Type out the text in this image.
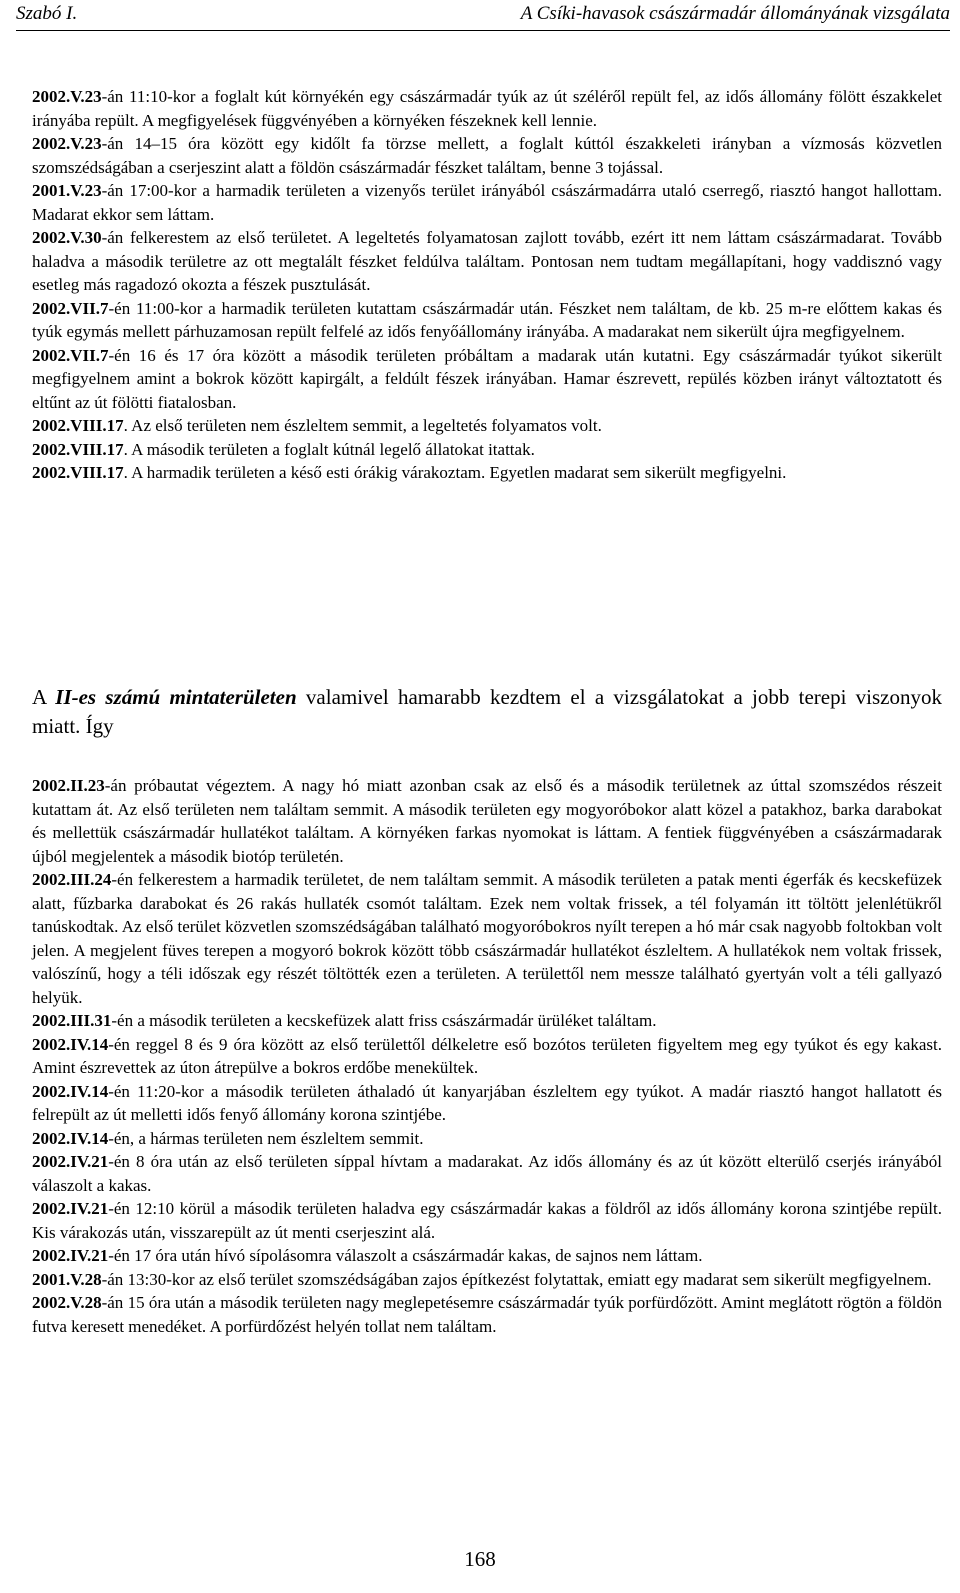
Szabó I.	A Csíki-havasok császármadár állományának vizsgálata

2002.V.23-án 11:10-kor a foglalt kút környékén egy császármadár tyúk az út széléről repült fel, az idős állomány fölött északkelet irányába repült. A megfigyelések függvényében a környéken fészeknek kell lennie.

2002.V.23-án 14–15 óra között egy kidőlt fa törzse mellett, a foglalt kúttól északkeleti irányban a vízmosás közvetlen szomszédságában a cserjeszint alatt a földön császármadár fészket találtam, benne 3 tojással.

2001.V.23-án 17:00-kor a harmadik területen a vizenyős terület irányából császármadárra utaló cserregő, riasztó hangot hallottam. Madarat ekkor sem láttam.

2002.V.30-án felkerestem az első területet. A legeltetés folyamatosan zajlott tovább, ezért itt nem láttam császármadarat. Tovább haladva a második területre az ott megtalált fészket feldúlva találtam. Pontosan nem tudtam megállapítani, hogy vaddisznó vagy esetleg más ragadozó okozta a fészek pusztulását.

2002.VII.7-én 11:00-kor a harmadik területen kutattam császármadár után. Fészket nem találtam, de kb. 25 m-re előttem kakas és tyúk egymás mellett párhuzamosan repült felfelé az idős fenyőállomány irányába. A madarakat nem sikerült újra megfigyelnem.

2002.VII.7-én 16 és 17 óra között a második területen próbáltam a madarak után kutatni. Egy császármadár tyúkot sikerült megfigyelnem amint a bokrok között kapirgált, a feldúlt fészek irányában. Hamar észrevett, repülés közben irányt változtatott és eltűnt az út fölötti fiatalosban.

2002.VIII.17. Az első területen nem észleltem semmit, a legeltetés folyamatos volt.

2002.VIII.17. A második területen a foglalt kútnál legelő állatokat itattak.

2002.VIII.17. A harmadik területen a késő esti órákig várakoztam. Egyetlen madarat sem sikerült megfigyelni.

A II-es számú mintaterületen valamivel hamarabb kezdtem el a vizsgálatokat a jobb terepi viszonyok miatt. Így

2002.II.23-án próbautat végeztem. A nagy hó miatt azonban csak az első és a második területnek az úttal szomszédos részeit kutattam át. Az első területen nem találtam semmit. A második területen egy mogyoróbokor alatt közel a patakhoz, barka darabokat és mellettük császármadár hullatékot találtam. A környéken farkas nyomokat is láttam. A fentiek függvényében a császármadarak újból megjelentek a második biotóp területén.

2002.III.24-én felkerestem a harmadik területet, de nem találtam semmit. A második területen a patak menti égerfák és kecskefüzek alatt, fűzbarka darabokat és 26 rakás hullaték csomót találtam. Ezek nem voltak frissek, a tél folyamán itt töltött jelenlétükről tanúskodtak. Az első terület közvetlen szomszédságában található mogyoróbokros nyílt terepen a hó már csak nagyobb foltokban volt jelen. A megjelent füves terepen a mogyoró bokrok között több császármadár hullatékot észleltem. A hullatékok nem voltak frissek, valószínű, hogy a téli időszak egy részét töltötték ezen a területen. A területtől nem messze található gyertyán volt a téli gallyazó helyük.

2002.III.31-én a második területen a kecskefüzek alatt friss császármadár ürüléket találtam.

2002.IV.14-én reggel 8 és 9 óra között az első területtől délkeletre eső bozótos területen figyeltem meg egy tyúkot és egy kakast. Amint észrevettek az úton átrepülve a bokros erdőbe menekültek.

2002.IV.14-én 11:20-kor a második területen áthaladó út kanyarjában észleltem egy tyúkot. A madár riasztó hangot hallatott és felrepült az út melletti idős fenyő állomány korona szintjébe.

2002.IV.14-én, a hármas területen nem észleltem semmit.

2002.IV.21-én 8 óra után az első területen síppal hívtam a madarakat. Az idős állomány és az út között elterülő cserjés irányából válaszolt a kakas.

2002.IV.21-én 12:10 körül a második területen haladva egy császármadár kakas a földről az idős állomány korona szintjébe repült. Kis várakozás után, visszarepült az út menti cserjeszint alá.

2002.IV.21-én 17 óra után hívó sípolásomra válaszolt a császármadár kakas, de sajnos nem láttam.

2001.V.28-án 13:30-kor az első terület szomszédságában zajos építkezést folytattak, emiatt egy madarat sem sikerült megfigyelnem.

2002.V.28-án 15 óra után a második területen nagy meglepetésemre császármadár tyúk porfürdőzött. Amint meglátott rögtön a földön futva keresett menedéket. A porfürdőzést helyén tollat nem találtam.

168
